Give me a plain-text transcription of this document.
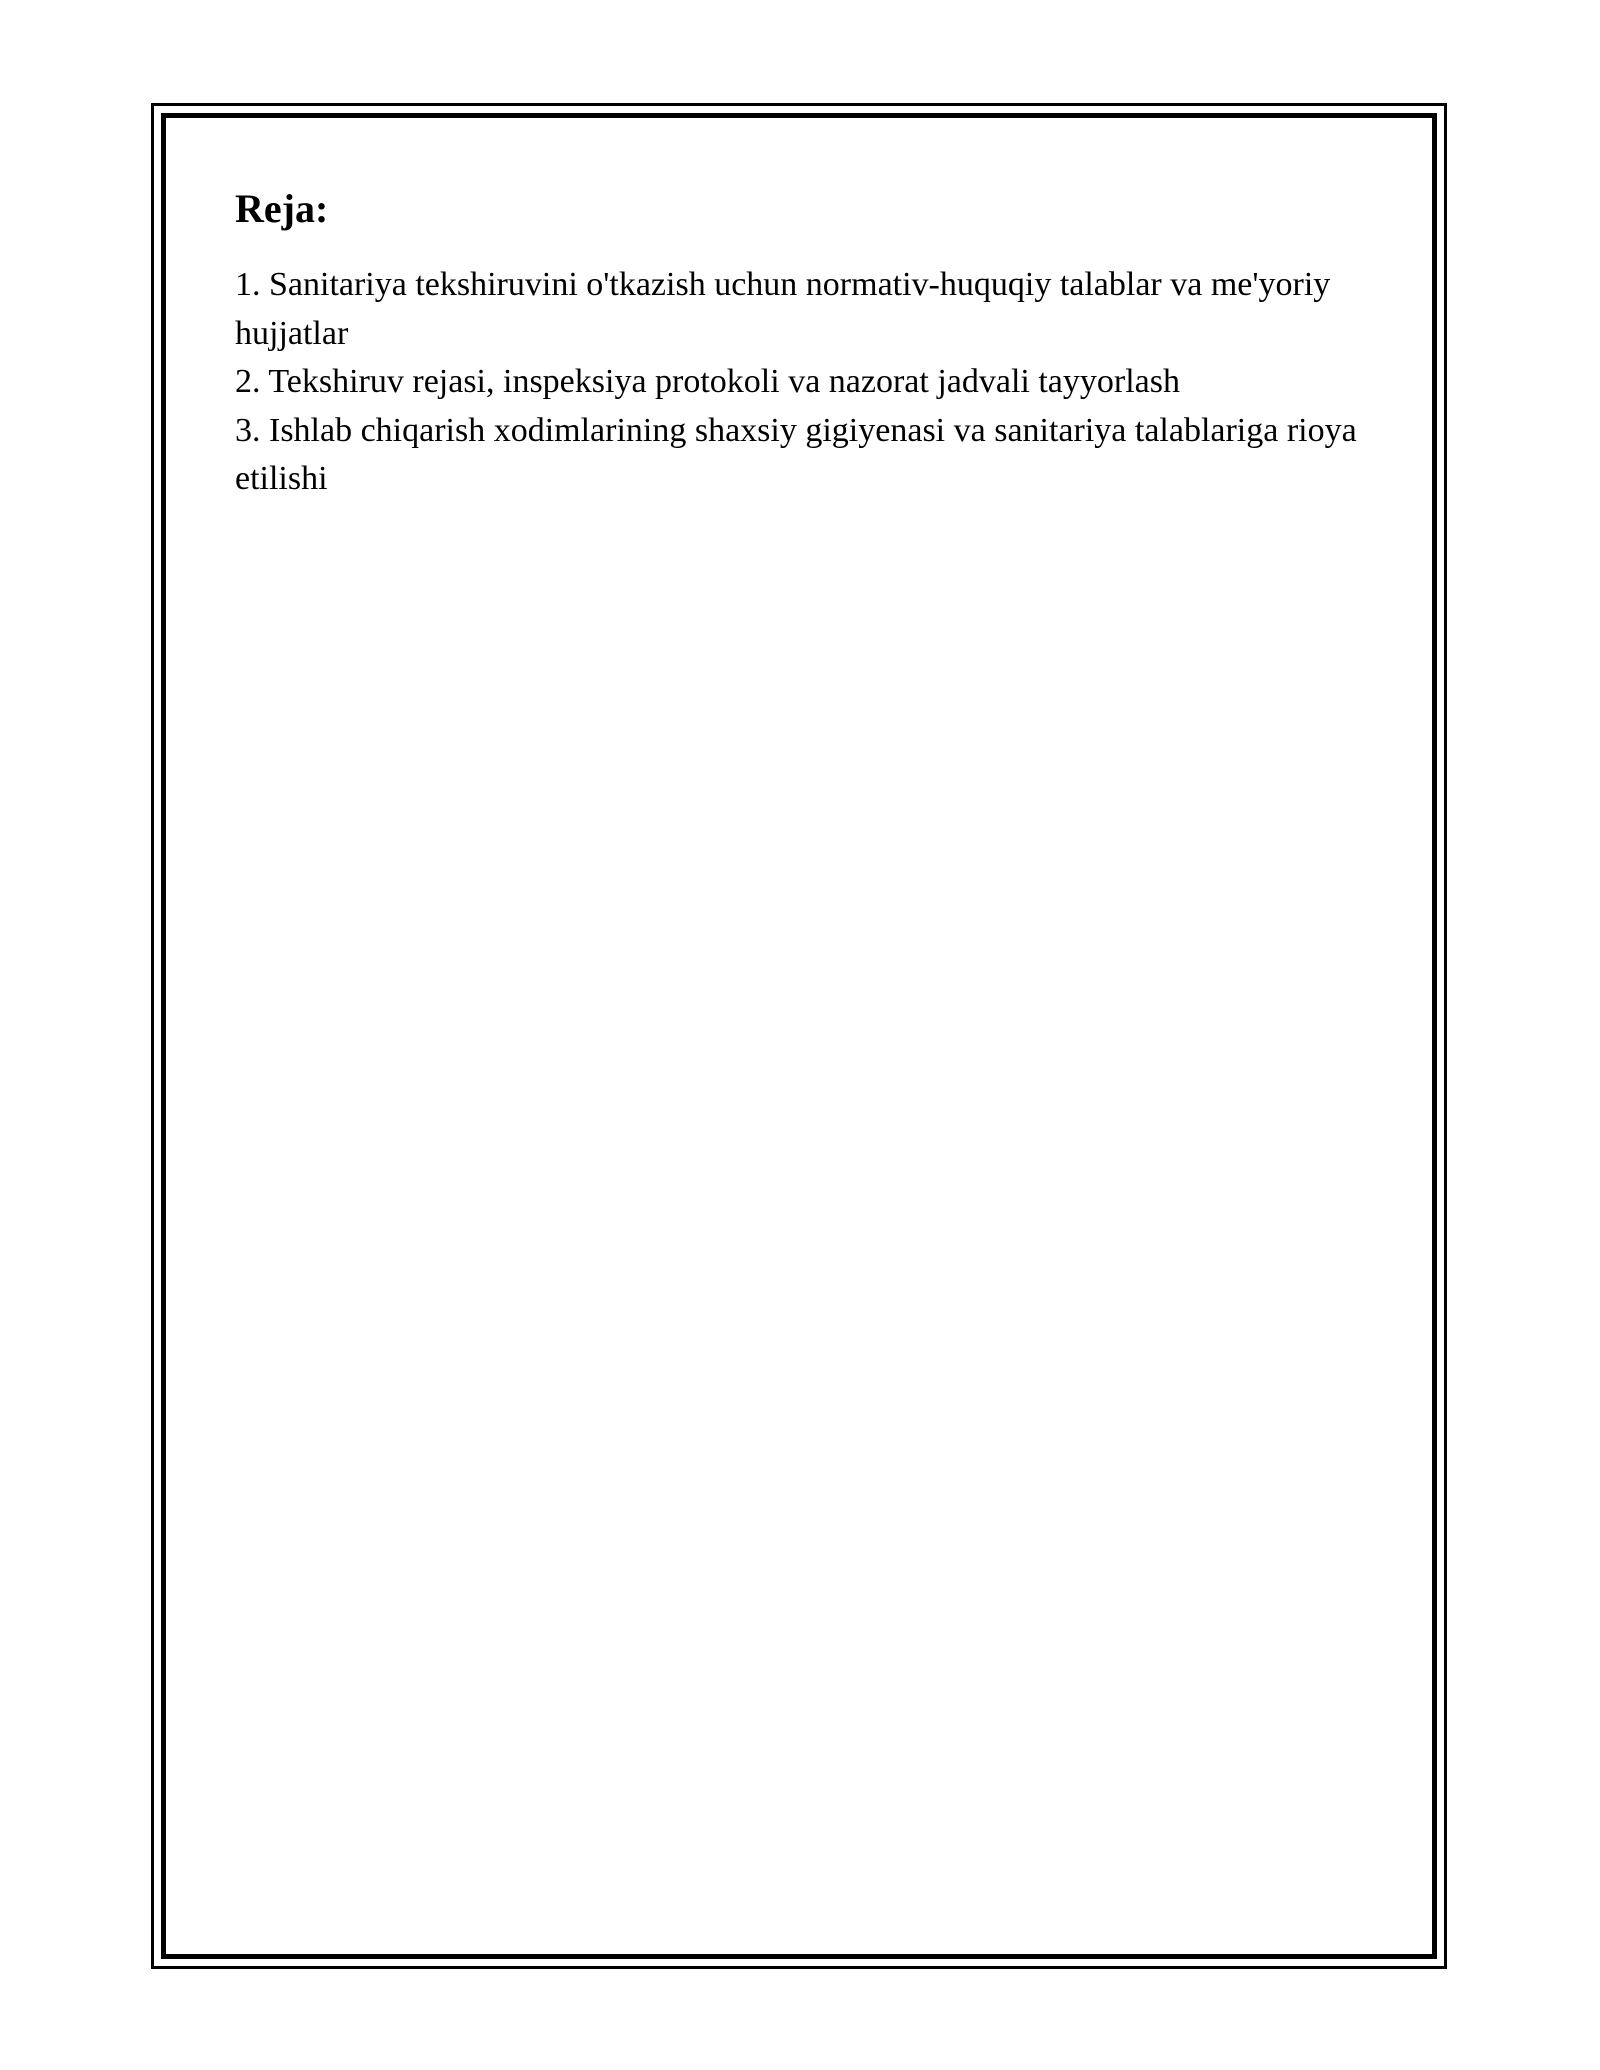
Reja:
1. Sanitariya tekshiruvini o'tkazish uchun normativ-huquqiy talablar va me'yoriy hujjatlar
2. Tekshiruv rejasi, inspeksiya protokoli va nazorat jadvali tayyorlash
3. Ishlab chiqarish xodimlarining shaxsiy gigiyenasi va sanitariya talablariga rioya etilishi
